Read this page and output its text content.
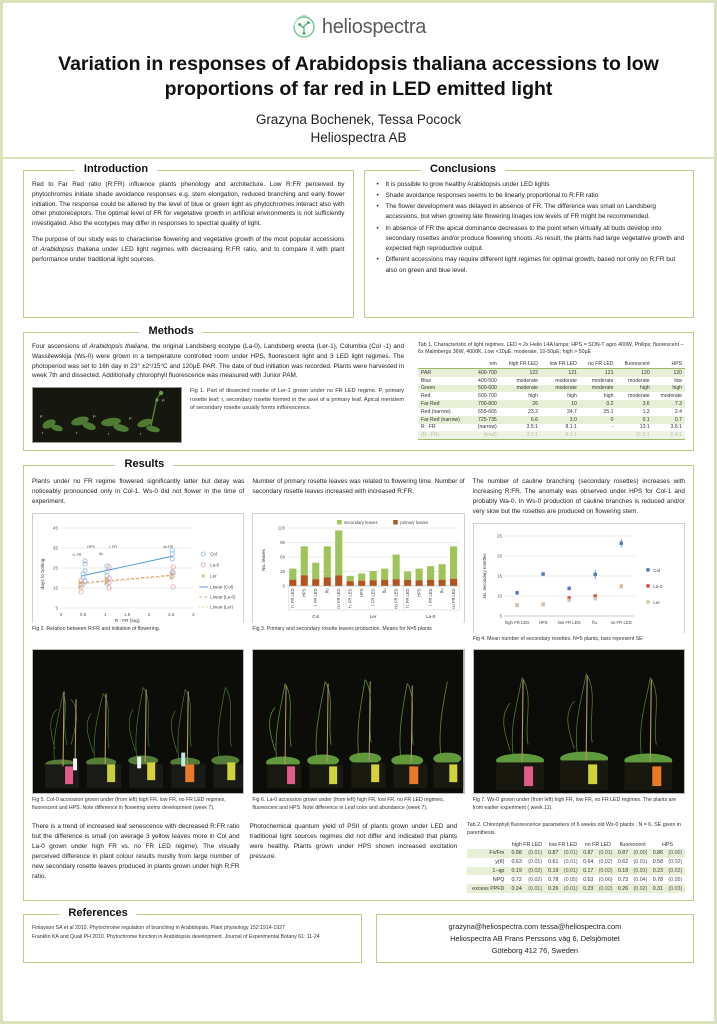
heliospectra
Variation in responses of Arabidopsis thaliana accessions to low proportions of far red in LED emitted light
Grazyna Bochenek, Tessa Pocock
Heliospectra AB
Introduction

Red to Far Red ratio (R:FR) influence plants phenology and architecture. Low R:FR perceived by phytochromes initiate shade avoidance responses e.g. stem elongation, reduced branching and early flower initiation. The response could be altered by the level of blue or green light as phytochromes interact also with other photoreceptors. The optimal level of FR for vegetative growth in artificial environments is not sufficiently investigated. Also the ecotypes may differ in responses to spectral quality of light.

The purpose of our study was to characterise flowering and vegetative growth of the most popular accessions of Arabidopsis thaliana under LED light regimes with decreasing R:FR ratio, and to compare it with plant performance under traditional light sources.

Conclusions
• It is possible to grow healthy Arabidopsis under LED lights
• Shade avoidance responses seems to be linearly proportional to R:FR ratio
• The flower development was delayed in absence of FR. The difference was small on Landsberg accessions, but when growing late flowering linages low levels of FR might be recommended.
• In absence of FR the apical dominance decreases to the point when virtually all buds develop into secondary rosettes and/or produce flowering shoots. As result, the plants had large vegetative growth and expected high reproductive output.
• Different accessions may require different light regimes for optimal growth, based not only on R:FR but also on green and blue level.
Methods

Four ascensions of Arabidopsis thaliana, the original Landsberg ecotype (La-0), Landsberg erecta (Ler-1), Columbia (Col -1) and Wassilewskija (Ws-0) were grown in a temperature controlled room under HPS, fluorescent light and 3 LED light regimes. The photoperiod was set to 16h day in 23° ±2°/15°C and 120µE PAR. The date of bud initiation was recorded. Plants were harvested in week 7th and dissected. Additionally chlorophyll fluorescence was measured with Junior PAM.

r	r	r	r
P	P	P
P
Fig 1. Part of dissected rosette of Ler-1 grown under no FR LED regime. P, primary rosette leaf; r, secondary rosette formed in the axel of a primary leaf. Apical meristem of secondary rosette usually forms inflorescence.

Tab 1. Characteristic of light regimes. LED = 2x Helio L4A lamps; HPS = SON-T agro 400W, Philips; fluorescent – 6x Malmbergs 36W, 4000K. Low <10µE; moderate, 10-50µE; high > 50µE

	nm	high FR LED	low FR LED	no FR LED	fluorescent	HPS
PAR	400-700	122	121	121	120	120
Blue	400-500	moderate	moderate	moderate	moderate	low
Green	500-600	moderate	moderate	moderate	high	high
Red	600-700	high	high	high	moderate	moderate
Far Red	700-800	26	10	0.2	3.6	7.3
Red (narrow)	655-665	23.2	24.7	25.1	1.3	2.4
Far Red (narrow)	725-735	6.6	3.0	0	0.1	0.7
R : FR	(narrow)	3.5:1	8.1:1	-	13:1	3.6:1
(R : FR)	(total)	3.2:1	8.1:1	-	11.5:1	6.4:1
Results

Plants under no FR regime flowered significantly latter but delay was noticeably pronounced only in Col-1. Ws-0 did not flower in the time of experiment.

45
35
25
15
5
0	0.5	1	1.5	2	2.5	3
R : FR (log)
days to bolting
h. FR
HPS
flu
l. FR	no FR
Col
La-0
Ler
Linear (Col)
Linear (La-0)
Linear (Ler)
Fig 2. Relation between R:FR and initiation of flowering.

Number of primary rosette leaves was related to flowering time. Number of secondary rosette leaves increased with increased R:FR.

0
30
60
90
120
No. leaves
secondary leaves	primary leaves
h. FR LED HPS l. FR LED flu no FR LED h. FR LED HPS l. FR LED flu no FR LED h. FR LED HPS l. FR LED flu no FR LED
Col	Ler	La-0
Fig 3. Primary and secondary rosette leaves production. Means for N=5 plants

The number of cauline branching (secondary rosettes) increases with increasing R:FR. The anomaly was observed under HPS for Col-1 and probably Wa-0. In Ws-0 production of cauline branches is reduced and/or very slow but the rosettes are produced on flowering stem.

5
10
15
20
25
No. secondary rosettes
high FR LED HPS low FR LED	flu.	no FR LED
Col
La-0
Ler
Fig 4. Mean number of secondary rosettes. N=5 plants, bars represent SE
Fig 5. Col-0 accession grown under (from left) high FR, low FR, no FR LED regimes, fluorescent and HPS. Note difference in flowering stems development (week 7).
Fig 6. La-0 accession grown under (from left) high FR, low FR, no FR LED regimes, fluorescent and HPS. Note difference in Leaf color and abundance (week 7).
Fig 7. Ws-0 grown under (from left) high FR, low FR, no FR LED regimes. The plants are from earlier experiment ( week 11).

There is a trend of increased leaf senescence with decreased R:FR ratio but the difference is small (on average 3 yellow leaves more in Col and La-0 grown under high FR vs. no FR LED regime). The visually perceived difference in plant colour results mostly from large number of new secondary rosette leaves produced in plants grown under high R:FR ratio.

Photochemical quantum yield of PSII of plants grown under LED and traditional light sources regimes did not differ and indicated that plants were healthy. Plants grown under HPS shown increased excitation pressure.

Tab 2. Chlorophyll fluorescence parameters of 6 weeks old Ws-0 plants . N = 6, SE given in parenthesis.

	high FR LED		low FR LED		no FR LED		fluorescent		HPS	
Fv/Fm	0.88	(0.01)	0.87	(0.01)	0.87	(0.01)	0.87	(0.00)	0.86	(0.00)
y(II)	0.63	(0.01)	0.61	(0.01)	0.64	(0.02)	0.62	(0.01)	0.58	(0.02)
1−qp	0.19	(0.02)	0.19	(0.01)	0.17	(0.02)	0.18	(0.01)	0.23	(0.02)
NPQ	0.72	(0.02)	0.78	(0.05)	0.63	(0.06)	0.73	(0.04)	0.78	(0.05)
excess PPFD	0.24	(0.01)	0.26	(0.01)	0.23	(0.02)	0.26	(0.02)	0.31	(0.03)
References
Finlayson SA et al 2010. Phytochrome regulation of branching in Arabidopsis. Plant physiology 152:1914-1927
Franklin KA and Quail PH 2010. Phytochrome function in Arabidopsis development. Journal of Experimental Botany 61: 11-24
grazyna@heliospectra.com tessa@heliospectra.com
Heliospectra AB Frans Perssons väg 6, Delsjömotet
Göteborg 412 76, Sweden
